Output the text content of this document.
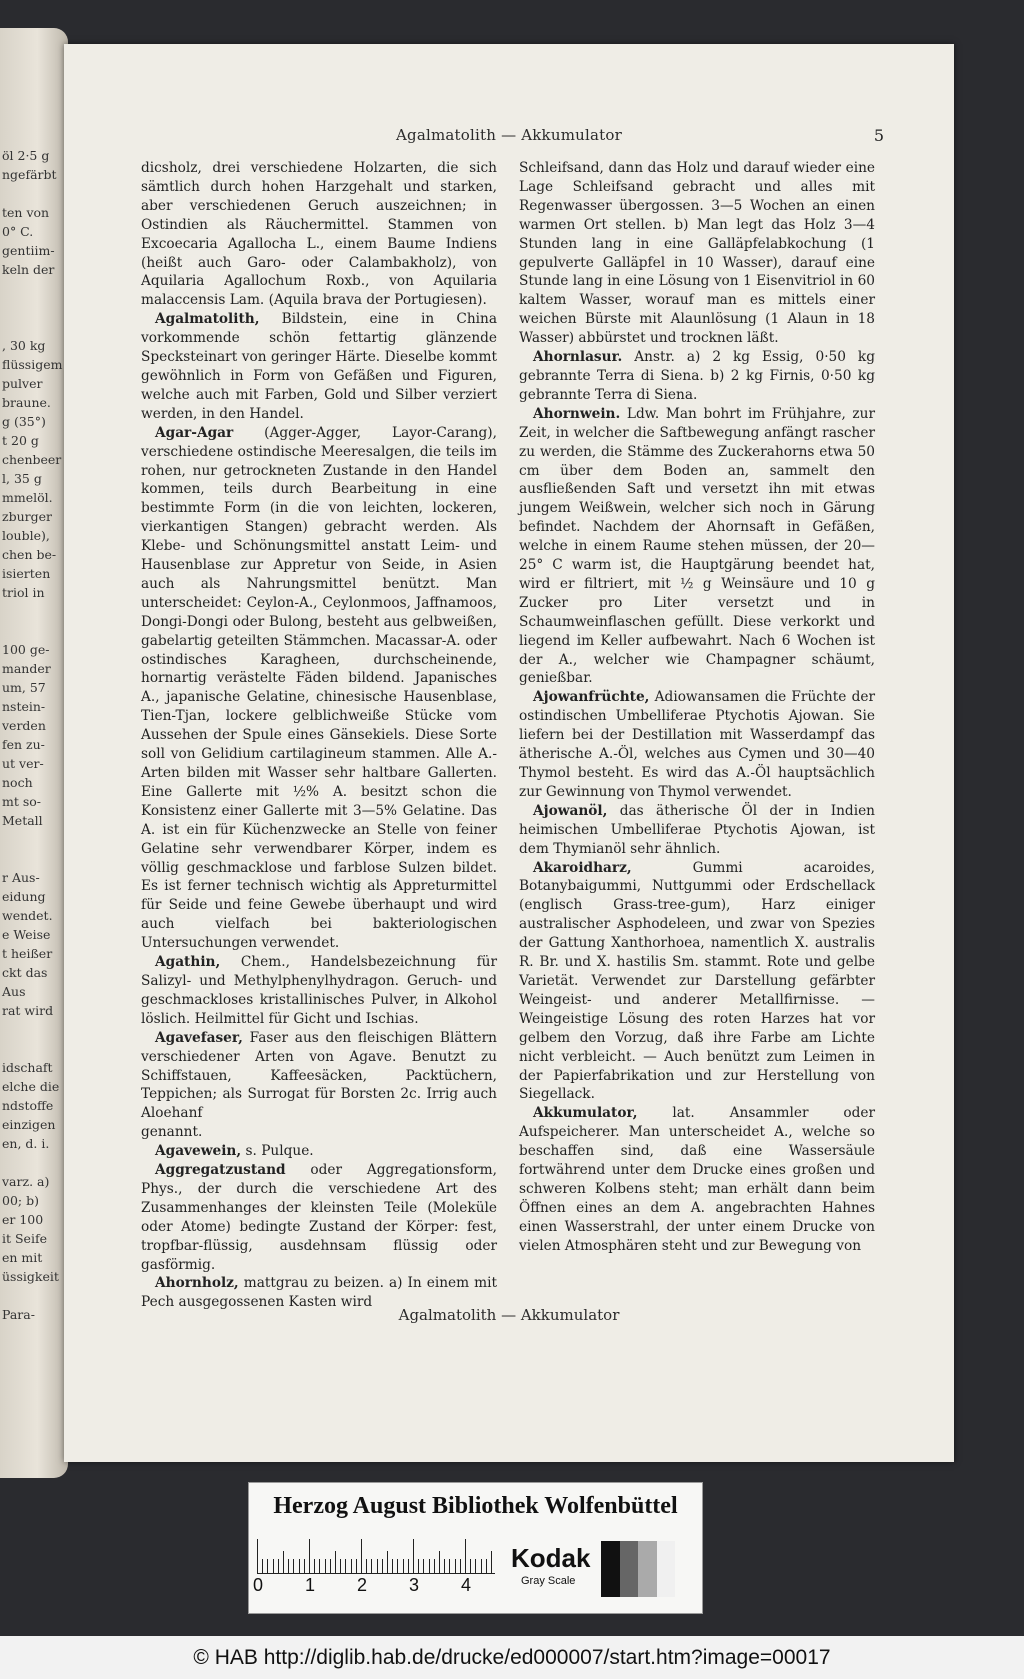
öl 2·5 g
ngefärbt

ten von
0° C.
gentiim-
keln der

, 30 kg
flüssigem
pulver
braune.
g (35°)
t 20 g
chenbeer
l, 35 g
mmelöl.
zburger
louble),
chen be-
isierten
triol in

100 ge-
mander
um, 57
nstein-
verden
fen zu-
ut ver-
noch
mt so-
Metall

r Aus-
eidung
wendet.
e Weise
t heißer
ckt das
Aus
rat wird

idschaft
elche die
ndstoffe
einzigen
en, d. i.

varz. a)
00; b)
er 100
it Seife
en mit
üssigkeit

Para-
Agalmatolith — Akkumulator	5

dicsholz, drei verschiedene Holzarten, die sich sämtlich durch hohen Harzgehalt und starken, aber verschiedenen Geruch auszeichnen; in Ostindien als Räuchermittel. Stammen von Excoecaria Agallocha L., einem Baume Indiens (heißt auch Garo- oder Calambakholz), von Aquilaria Agallochum Roxb., von Aquilaria malaccensis Lam. (Aquila brava der Portugiesen).

Agalmatolith, Bildstein, eine in China vorkommende schön fettartig glänzende Specksteinart von geringer Härte. Dieselbe kommt gewöhnlich in Form von Gefäßen und Figuren, welche auch mit Farben, Gold und Silber verziert werden, in den Handel.

Agar-Agar (Agger-Agger, Layor-Carang), verschiedene ostindische Meeresalgen, die teils im rohen, nur getrockneten Zustande in den Handel kommen, teils durch Bearbeitung in eine bestimmte Form (in die von leichten, lockeren, vierkantigen Stangen) gebracht werden. Als Klebe- und Schönungsmittel anstatt Leim- und Hausenblase zur Appretur von Seide, in Asien auch als Nahrungsmittel benützt. Man unterscheidet: Ceylon-A., Ceylonmoos, Jaffnamoos, Dongi-Dongi oder Bulong, besteht aus gelbweißen, gabelartig geteilten Stämmchen. Macassar-A. oder ostindisches Karagheen, durchscheinende, hornartig verästelte Fäden bildend. Japanisches A., japanische Gelatine, chinesische Hausenblase, Tien-Tjan, lockere gelblichweiße Stücke vom Aussehen der Spule eines Gänsekiels. Diese Sorte soll von Gelidium cartilagineum stammen. Alle A.-Arten bilden mit Wasser sehr haltbare Gallerten. Eine Gallerte mit ½% A. besitzt schon die Konsistenz einer Gallerte mit 3—5% Gelatine. Das A. ist ein für Küchenzwecke an Stelle von feiner Gelatine sehr verwendbarer Körper, indem es völlig geschmacklose und farblose Sulzen bildet. Es ist ferner technisch wichtig als Appreturmittel für Seide und feine Gewebe überhaupt und wird auch vielfach bei bakteriologischen Untersuchungen verwendet.

Agathin, Chem., Handelsbezeichnung für Salizyl- und Methylphenylhydragon. Geruch- und geschmackloses kristallinisches Pulver, in Alkohol löslich. Heilmittel für Gicht und Ischias.

Agavefaser, Faser aus den fleischigen Blättern verschiedener Arten von Agave. Benutzt zu Schiffstauen, Kaffeesäcken, Packtüchern, Teppichen; als Surrogat für Borsten 2c. Irrig auch Aloehanf

genannt.

Agavewein, s. Pulque.

Aggregatzustand oder Aggregationsform, Phys., der durch die verschiedene Art des Zusammenhanges der kleinsten Teile (Moleküle oder Atome) bedingte Zustand der Körper: fest, tropfbar-flüssig, ausdehnsam flüssig oder gasförmig.

Ahornholz, mattgrau zu beizen. a) In einem mit Pech ausgegossenen Kasten wird

Schleifsand, dann das Holz und darauf wieder eine Lage Schleifsand gebracht und alles mit Regenwasser übergossen. 3—5 Wochen an einen warmen Ort stellen. b) Man legt das Holz 3—4 Stunden lang in eine Galläpfelabkochung (1 gepulverte Galläpfel in 10 Wasser), darauf eine Stunde lang in eine Lösung von 1 Eisenvitriol in 60 kaltem Wasser, worauf man es mittels einer weichen Bürste mit Alaunlösung (1 Alaun in 18 Wasser) abbürstet und trocknen läßt.

Ahornlasur. Anstr. a) 2 kg Essig, 0·50 kg gebrannte Terra di Siena. b) 2 kg Firnis, 0·50 kg gebrannte Terra di Siena.

Ahornwein. Ldw. Man bohrt im Frühjahre, zur Zeit, in welcher die Saftbewegung anfängt rascher zu werden, die Stämme des Zuckerahorns etwa 50 cm über dem Boden an, sammelt den ausfließenden Saft und versetzt ihn mit etwas jungem Weißwein, welcher sich noch in Gärung befindet. Nachdem der Ahornsaft in Gefäßen, welche in einem Raume stehen müssen, der 20—25° C warm ist, die Hauptgärung beendet hat, wird er filtriert, mit ½ g Weinsäure und 10 g Zucker pro Liter versetzt und in Schaumweinflaschen gefüllt. Diese verkorkt und liegend im Keller aufbewahrt. Nach 6 Wochen ist der A., welcher wie Champagner schäumt, genießbar.

Ajowanfrüchte, Adiowansamen die Früchte der ostindischen Umbelliferae Ptychotis Ajowan. Sie liefern bei der Destillation mit Wasserdampf das ätherische A.-Öl, welches aus Cymen und 30—40 Thymol besteht. Es wird das A.-Öl hauptsächlich zur Gewinnung von Thymol verwendet.

Ajowanöl, das ätherische Öl der in Indien heimischen Umbelliferae Ptychotis Ajowan, ist dem Thymianöl sehr ähnlich.

Akaroidharz, Gummi acaroides, Botanybaigummi, Nuttgummi oder Erdschellack (englisch Grass-tree-gum), Harz einiger australischer Asphodeleen, und zwar von Spezies der Gattung Xanthorhoea, namentlich X. australis R. Br. und X. hastilis Sm. stammt. Rote und gelbe Varietät. Verwendet zur Darstellung gefärbter Weingeist- und anderer Metallfirnisse. — Weingeistige Lösung des roten Harzes hat vor gelbem den Vorzug, daß ihre Farbe am Lichte nicht verbleicht. — Auch benützt zum Leimen in der Papierfabrikation und zur Herstellung von Siegellack.

Akkumulator, lat. Ansammler oder Aufspeicherer. Man unterscheidet A., welche so beschaffen sind, daß eine Wassersäule fortwährend unter dem Drucke eines großen und schweren Kolbens steht; man erhält dann beim Öffnen eines an dem A. angebrachten Hahnes einen Wasserstrahl, der unter einem Drucke von vielen Atmosphären steht und zur Bewegung von

Agalmatolith — Akkumulator
Herzog August Bibliothek Wolfenbüttel
0 1 2 3 4
Kodak
Gray Scale
© HAB http://diglib.hab.de/drucke/ed000007/start.htm?image=00017
